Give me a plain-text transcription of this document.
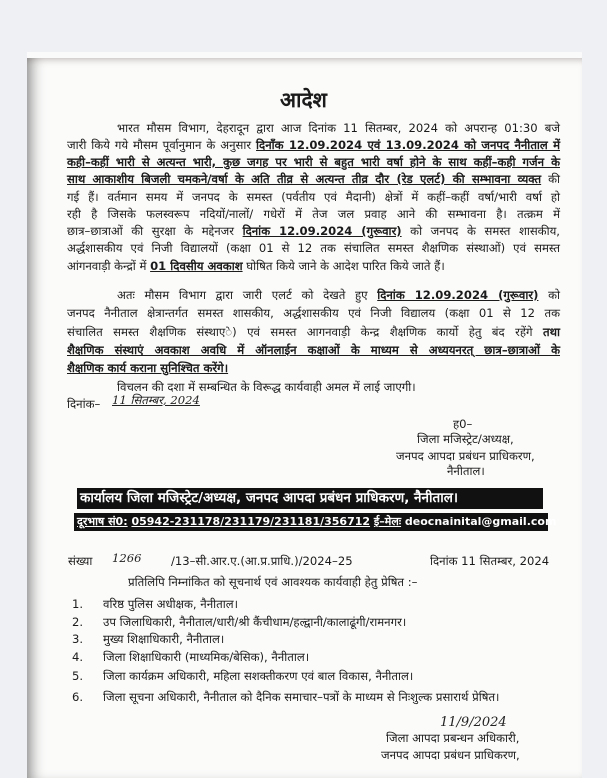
आदेश
भारत मौसम विभाग, देहरादून द्वारा आज दिनांक 11 सितम्बर, 2024 को अपरान्ह 01:30 बजे
जारी किये गये मौसम पूर्वानुमान के अनुसार दिनाँक 12.09.2024 एवं 13.09.2024 को जनपद नैनीताल में
कही–कहीं भारी से अत्यन्त भारी, कुछ जगह पर भारी से बहुत भारी वर्षा होने के साथ कहीं–कही गर्जन के
साथ आकाशीय बिजली चमकने/वर्षा के अति तीव्र से अत्यन्त तीव्र दौर (रेड एलर्ट) की सम्भावना व्यक्त की
गई हैं। वर्तमान समय में जनपद के समस्त (पर्वतीय एवं मैदानी) क्षेत्रों में कहीं–कहीं वर्षा/भारी वर्षा हो
रही है जिसके फलस्वरूप नदियों/नालों/ गधेरों में तेज जल प्रवाह आने की सम्भावना है। तत्क्रम में
छात्र–छात्राओं की सुरक्षा के मद्देनजर दिनांक 12.09.2024 (गुरूवार) को जनपद के समस्त शासकीय,
अर्द्धशासकीय एवं निजी विद्यालयों (कक्षा 01 से 12 तक संचालित समस्त शैक्षणिक संस्थाओं) एवं समस्त
आंगनवाड़ी केन्द्रों में 01 दिवसीय अवकाश घोषित किये जाने के आदेश पारित किये जाते हैं।
अतः मौसम विभाग द्वारा जारी एलर्ट को देखते हुए दिनांक 12.09.2024 (गुरूवार) को
जनपद नैनीताल क्षेत्रान्तर्गत समस्त शासकीय, अर्द्धशासकीय एवं निजी विद्यालय (कक्षा 01 से 12 तक
संचालित समस्त शैक्षणिक संस्थाएे) एवं समस्त आगनवाड़ी केन्द्र शैक्षणिक कार्यो हेतु बंद रहेंगे तथा
शैक्षणिक संस्थाएं अवकाश अवधि में ऑनलाईन कक्षाओं के माध्यम से अध्ययनरत् छात्र–छात्राओं के
शैक्षणिक कार्य कराना सुनिश्चित करेंगे।
विचलन की दशा में सम्बन्धित के विरूद्ध कार्यवाही अमल में लाई जाएगी।
दिनांक– 11 सितम्बर, 2024
ह0–
जिला मजिस्ट्रेट/अध्यक्ष,
जनपद आपदा प्रबंधन प्राधिकरण,
नैनीताल।
कार्यालय जिला मजिस्ट्रेट/अध्यक्ष, जनपद आपदा प्रबंधन प्राधिकरण, नैनीताल।
दूरभाष सं0: 05942-231178/231179/231181/356712 ई–मेलः deocnainital@gmail.com
संख्या 1266	/13–सी.आर.ए.(आ.प्र.प्राधि.)/2024–25	दिनांक 11 सितम्बर, 2024
प्रतिलिपि निम्नांकित को सूचनार्थ एवं आवश्यक कार्यवाही हेतु प्रेषित :–
1. वरिष्ठ पुलिस अधीक्षक, नैनीताल।
2. उप जिलाधिकारी, नैनीताल/धारी/श्री कैंचीधाम/हल्द्वानी/कालाढूंगी/रामनगर।
3. मुख्य शिक्षाधिकारी, नैनीताल।
4. जिला शिक्षाधिकारी (माध्यमिक/बेसिक), नैनीताल।
5. जिला कार्यक्रम अधिकारी, महिला सशक्तीकरण एवं बाल विकास, नैनीताल।
6. जिला सूचना अधिकारी, नैनीताल को दैनिक समाचार–पत्रों के माध्यम से निःशुल्क प्रसारार्थ प्रेषित।
11/9/2024
जिला आपदा प्रबन्धन अधिकारी,
जनपद आपदा प्रबंधन प्राधिकरण,
